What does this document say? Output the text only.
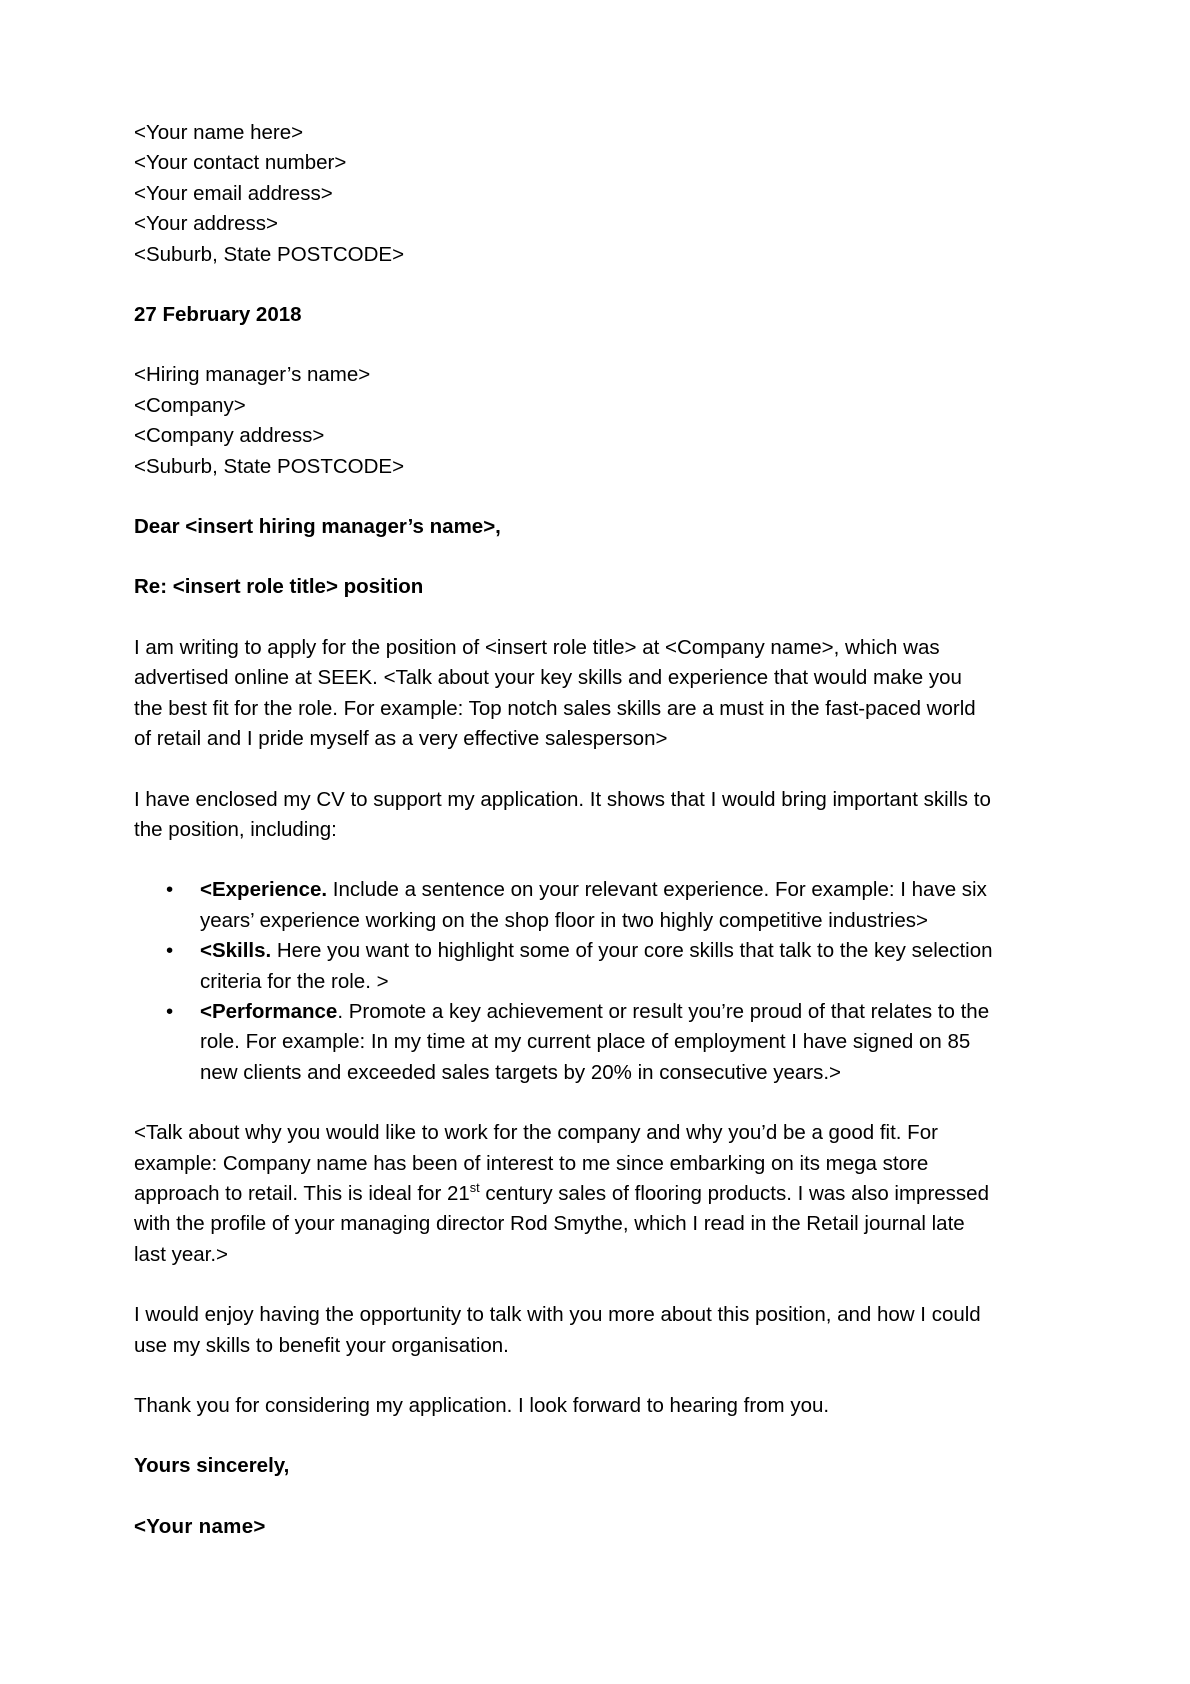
<Your name here>
<Your contact number>
<Your email address>
<Your address>
<Suburb, State POSTCODE>

27 February 2018

<Hiring manager’s name>
<Company>
<Company address>
<Suburb, State POSTCODE>

Dear <insert hiring manager’s name>,

Re: <insert role title> position

I am writing to apply for the position of <insert role title> at <Company name>, which was advertised online at SEEK. <Talk about your key skills and experience that would make you the best fit for the role. For example: Top notch sales skills are a must in the fast-paced world of retail and I pride myself as a very effective salesperson>

I have enclosed my CV to support my application. It shows that I would bring important skills to the position, including:

• <Experience. Include a sentence on your relevant experience. For example: I have six years’ experience working on the shop floor in two highly competitive industries>
• <Skills. Here you want to highlight some of your core skills that talk to the key selection criteria for the role. >
• <Performance. Promote a key achievement or result you’re proud of that relates to the role. For example: In my time at my current place of employment I have signed on 85 new clients and exceeded sales targets by 20% in consecutive years.>

<Talk about why you would like to work for the company and why you’d be a good fit. For example: Company name has been of interest to me since embarking on its mega store approach to retail. This is ideal for 21st century sales of flooring products. I was also impressed with the profile of your managing director Rod Smythe, which I read in the Retail journal late last year.>

I would enjoy having the opportunity to talk with you more about this position, and how I could use my skills to benefit your organisation.

Thank you for considering my application. I look forward to hearing from you.

Yours sincerely,

<Your name>
